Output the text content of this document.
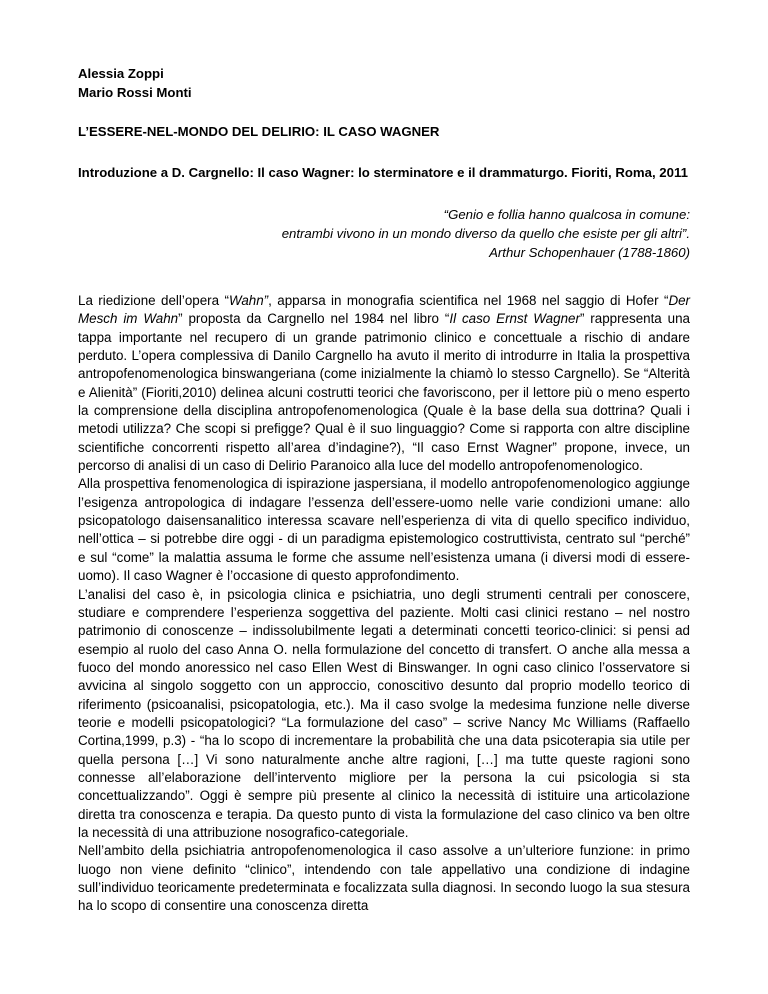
Alessia Zoppi
Mario Rossi Monti
L’ESSERE-NEL-MONDO DEL DELIRIO: IL CASO WAGNER
Introduzione a D. Cargnello: Il caso Wagner: lo sterminatore e il drammaturgo. Fioriti, Roma, 2011
“Genio e follia hanno qualcosa in comune:
entrambi vivono in un mondo diverso da quello che esiste per gli altri”.
Arthur Schopenhauer (1788-1860)

La riedizione dell’opera “Wahn”, apparsa in monografia scientifica nel 1968 nel saggio di Hofer “Der Mesch im Wahn” proposta da Cargnello nel 1984 nel libro “Il caso Ernst Wagner” rappresenta una tappa importante nel recupero di un grande patrimonio clinico e concettuale a rischio di andare perduto. L’opera complessiva di Danilo Cargnello ha avuto il merito di introdurre in Italia la prospettiva antropofenomenologica binswangeriana (come inizialmente la chiamò lo stesso Cargnello). Se “Alterità e Alienità” (Fioriti,2010) delinea alcuni costrutti teorici che favoriscono, per il lettore più o meno esperto la comprensione della disciplina antropofenomenologica (Quale è la base della sua dottrina? Quali i metodi utilizza? Che scopi si prefigge? Qual è il suo linguaggio? Come si rapporta con altre discipline scientifiche concorrenti rispetto all’area d’indagine?), “Il caso Ernst Wagner” propone, invece, un percorso di analisi di un caso di Delirio Paranoico alla luce del modello antropofenomenologico.

Alla prospettiva fenomenologica di ispirazione jaspersiana, il modello antropofenomenologico aggiunge l’esigenza antropologica di indagare l’essenza dell’essere-uomo nelle varie condizioni umane: allo psicopatologo daisensanalitico interessa scavare nell’esperienza di vita di quello specifico individuo, nell’ottica – si potrebbe dire oggi - di un paradigma epistemologico costruttivista, centrato sul “perché” e sul “come” la malattia assuma le forme che assume nell’esistenza umana (i diversi modi di essere-uomo). Il caso Wagner è l’occasione di questo approfondimento.

L’analisi del caso è, in psicologia clinica e psichiatria, uno degli strumenti centrali per conoscere, studiare e comprendere l’esperienza soggettiva del paziente. Molti casi clinici restano – nel nostro patrimonio di conoscenze – indissolubilmente legati a determinati concetti teorico-clinici: si pensi ad esempio al ruolo del caso Anna O. nella formulazione del concetto di transfert. O anche alla messa a fuoco del mondo anoressico nel caso Ellen West di Binswanger. In ogni caso clinico l’osservatore si avvicina al singolo soggetto con un approccio, conoscitivo desunto dal proprio modello teorico di riferimento (psicoanalisi, psicopatologia, etc.). Ma il caso svolge la medesima funzione nelle diverse teorie e modelli psicopatologici? “La formulazione del caso” – scrive Nancy Mc Williams (Raffaello Cortina,1999, p.3) - “ha lo scopo di incrementare la probabilità che una data psicoterapia sia utile per quella persona […] Vi sono naturalmente anche altre ragioni, […] ma tutte queste ragioni sono connesse all’elaborazione dell’intervento migliore per la persona la cui psicologia si sta concettualizzando”. Oggi è sempre più presente al clinico la necessità di istituire una articolazione diretta tra conoscenza e terapia. Da questo punto di vista la formulazione del caso clinico va ben oltre la necessità di una attribuzione nosografico-categoriale.

Nell’ambito della psichiatria antropofenomenologica il caso assolve a un’ulteriore funzione: in primo luogo non viene definito “clinico”, intendendo con tale appellativo una condizione di indagine sull’individuo teoricamente predeterminata e focalizzata sulla diagnosi. In secondo luogo la sua stesura ha lo scopo di consentire una conoscenza diretta
